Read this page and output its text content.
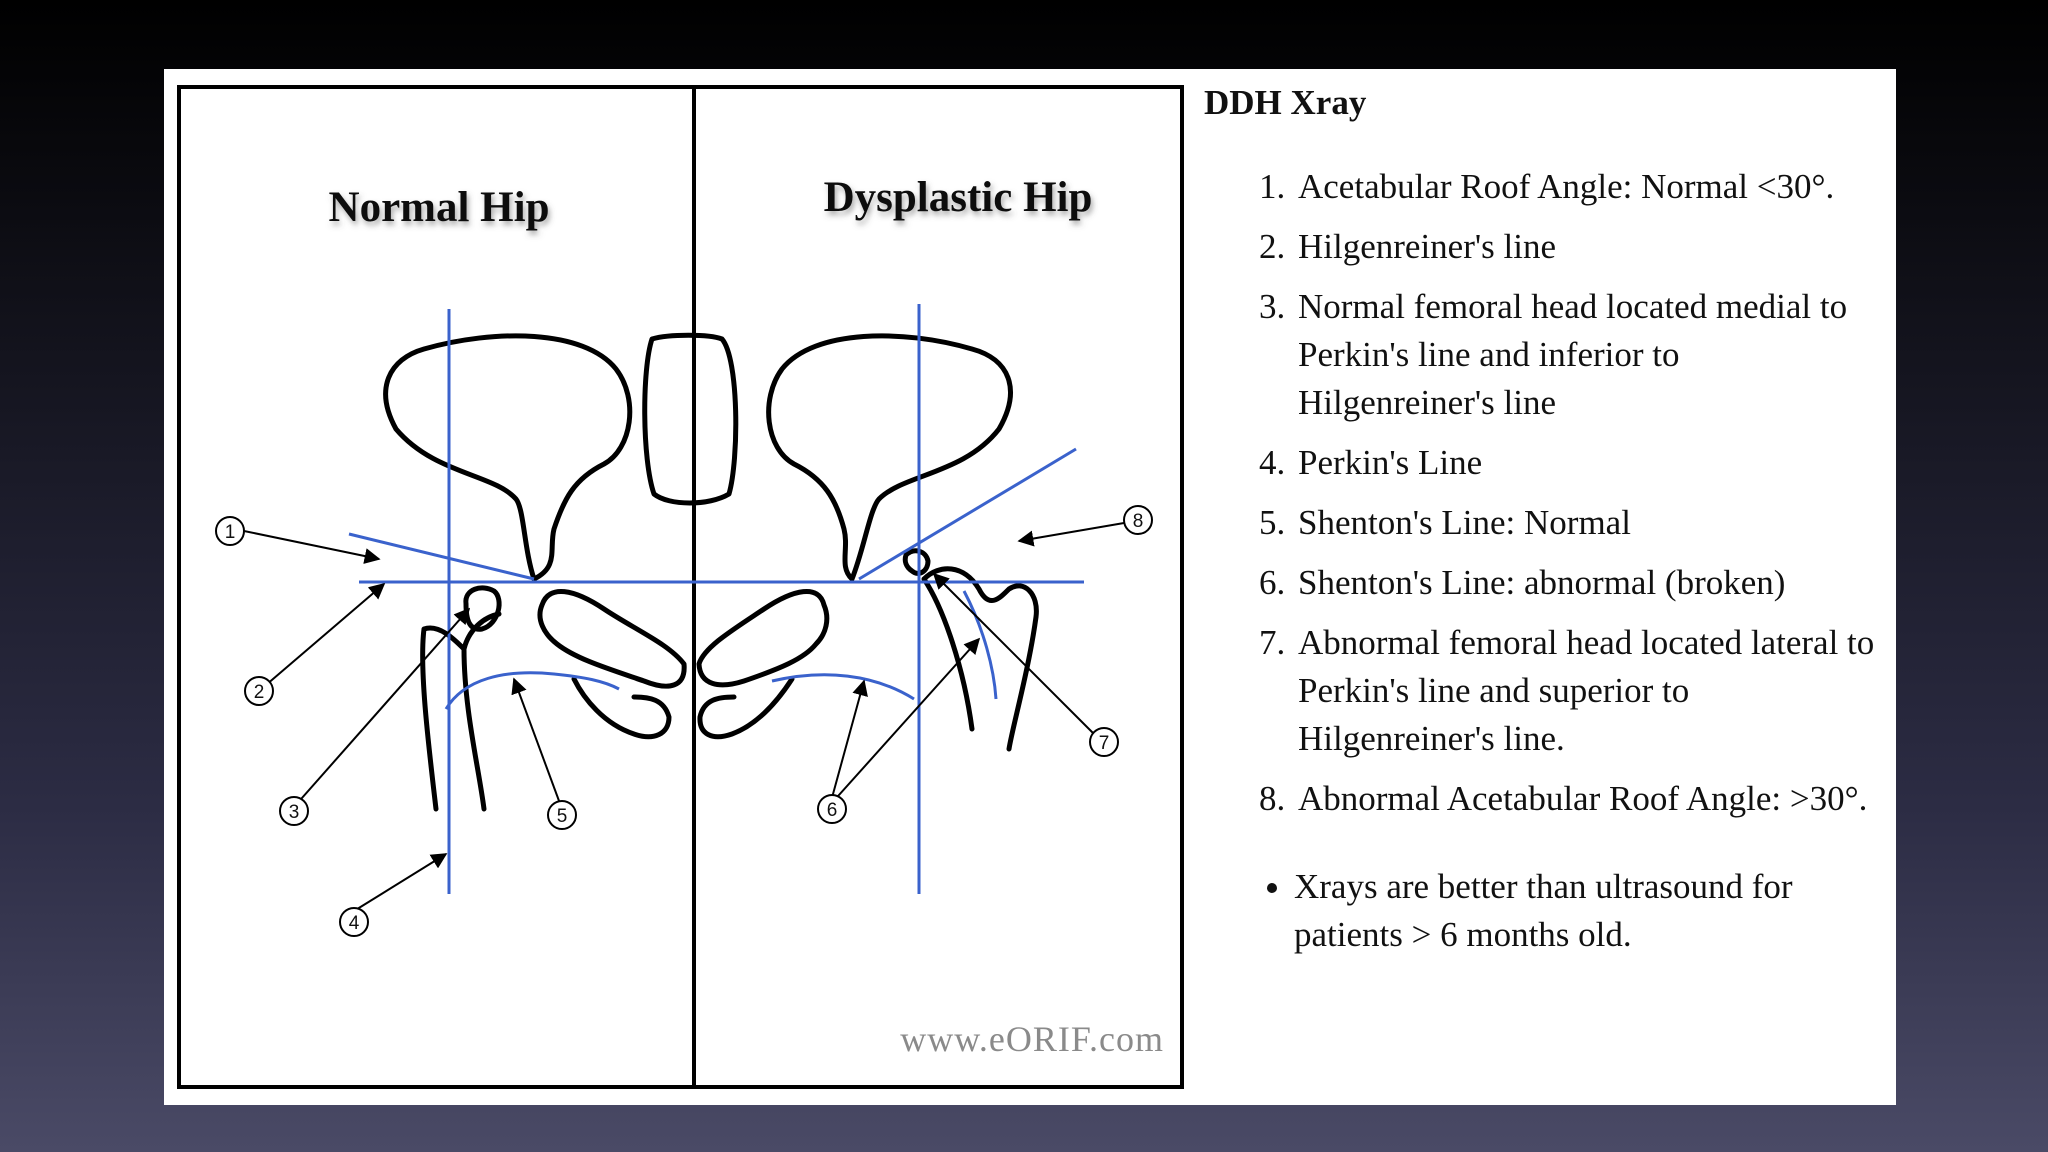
Normal Hip	Dysplastic Hip
1
2
3
4
5	6
7
8
www.eORIF.com
DDH Xray
1. Acetabular Roof Angle: Normal <30°.
2. Hilgenreiner's line
3. Normal femoral head located medial to Perkin's line and inferior to Hilgenreiner's line
4. Perkin's Line
5. Shenton's Line: Normal
6. Shenton's Line: abnormal (broken)
7. Abnormal femoral head located lateral to Perkin's line and superior to Hilgenreiner's line.
8. Abnormal Acetabular Roof Angle: >30°.
• Xrays are better than ultrasound for patients > 6 months old.
